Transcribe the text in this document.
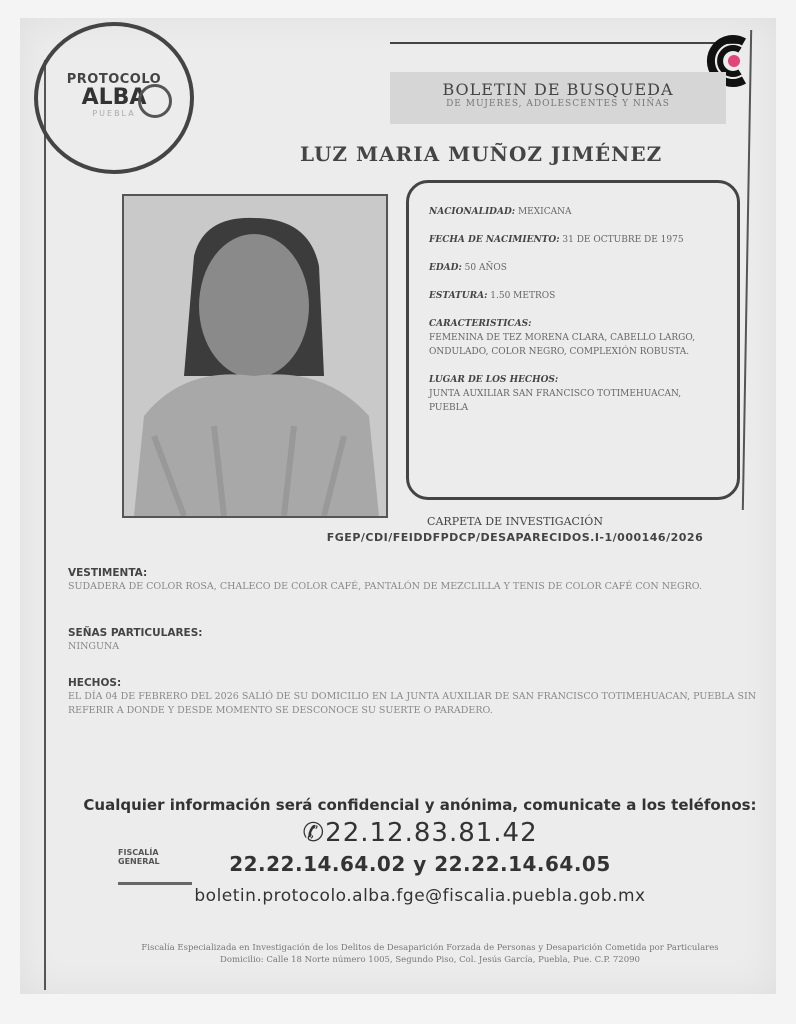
PROTOCOLO
ALBA
PUEBLA
BOLETIN DE BUSQUEDA
DE MUJERES, ADOLESCENTES Y NIÑAS
LUZ MARIA MUÑOZ JIMÉNEZ
NACIONALIDAD: MEXICANA
FECHA DE NACIMIENTO: 31 DE OCTUBRE DE 1975
EDAD: 50 AÑOS
ESTATURA: 1.50 METROS
CARACTERISTICAS:
FEMENINA DE TEZ MORENA CLARA, CABELLO LARGO, ONDULADO, COLOR NEGRO, COMPLEXIÓN ROBUSTA.
LUGAR DE LOS HECHOS:
JUNTA AUXILIAR SAN FRANCISCO TOTIMEHUACAN, PUEBLA
CARPETA DE INVESTIGACIÓN
FGEP/CDI/FEIDDFPDCP/DESAPARECIDOS.I-1/000146/2026
VESTIMENTA:
SUDADERA DE COLOR ROSA, CHALECO DE COLOR CAFÉ, PANTALÓN DE MEZCLILLA Y TENIS DE COLOR CAFÉ CON NEGRO.
SEÑAS PARTICULARES:
NINGUNA
HECHOS:
EL DÍA 04 DE FEBRERO DEL 2026 SALIÓ DE SU DOMICILIO EN LA JUNTA AUXILIAR DE SAN FRANCISCO TOTIMEHUACAN, PUEBLA SIN REFERIR A DONDE Y DESDE MOMENTO SE DESCONOCE SU SUERTE O PARADERO.
FISCALÍA
GENERAL
Cualquier información será confidencial y anónima, comunicate a los teléfonos:
✆22.12.83.81.42
22.22.14.64.02 y 22.22.14.64.05
boletin.protocolo.alba.fge@fiscalia.puebla.gob.mx
Fiscalía Especializada en Investigación de los Delitos de Desaparición Forzada de Personas y Desaparición Cometida por Particulares
Domicilio: Calle 18 Norte número 1005, Segundo Piso, Col. Jesús García, Puebla, Pue. C.P. 72090
